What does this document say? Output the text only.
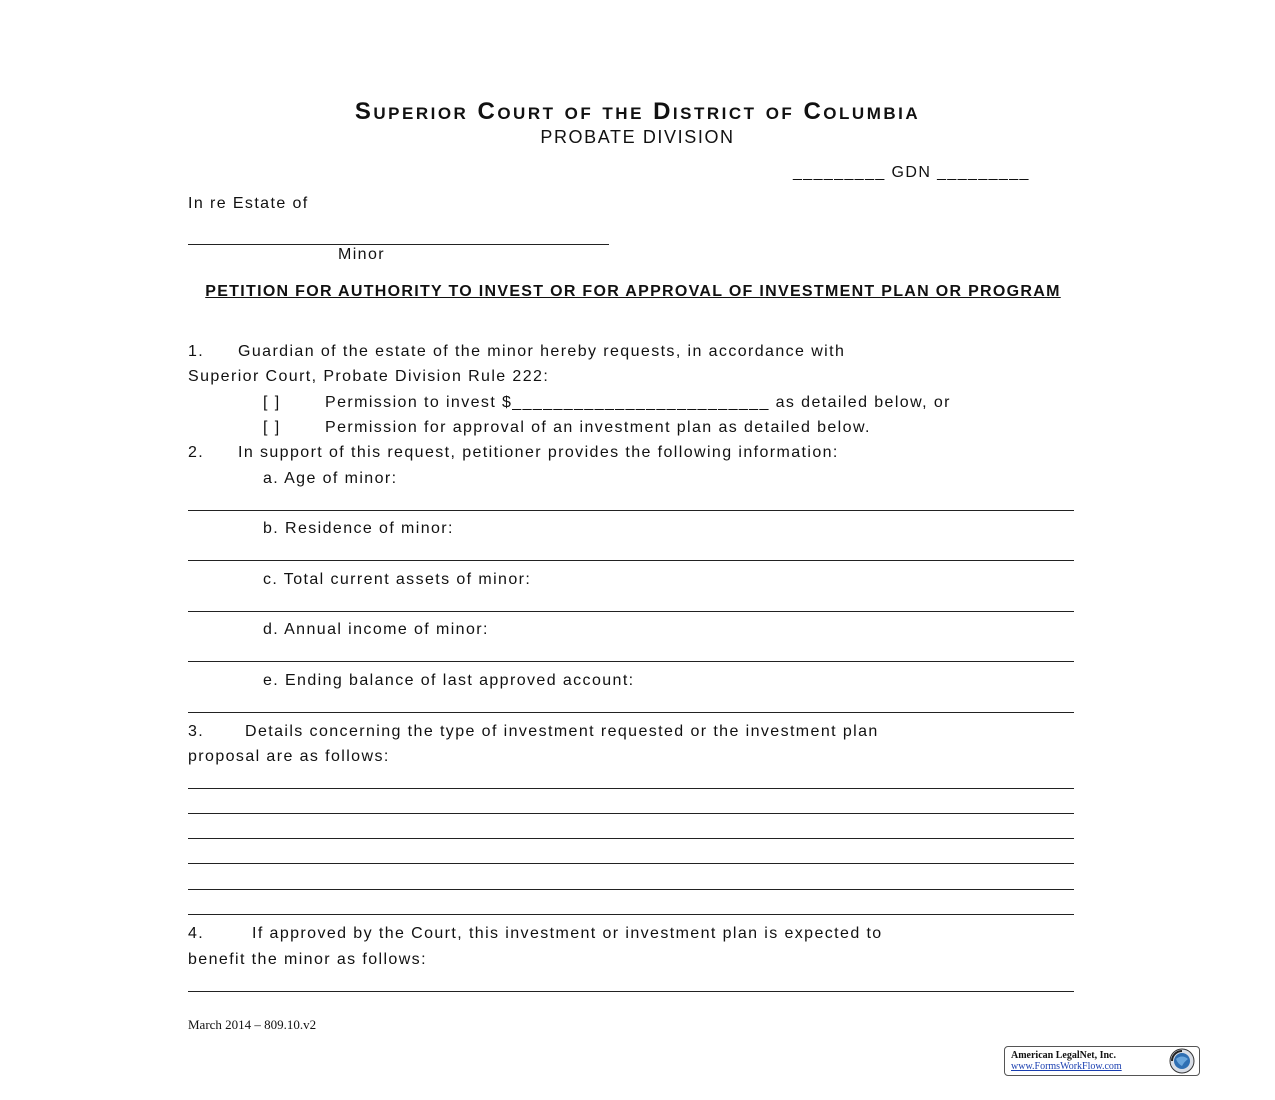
Superior Court of the District of Columbia
PROBATE DIVISION
_________ GDN _________
In re Estate of
Minor
PETITION FOR AUTHORITY TO INVEST OR FOR APPROVAL OF INVESTMENT PLAN OR PROGRAM
1. Guardian of the estate of the minor hereby requests, in accordance with
Superior Court, Probate Division Rule 222:
[ ]	Permission to invest $_________________________ as detailed below, or
[ ]	Permission for approval of an investment plan as detailed below.
2. In support of this request, petitioner provides the following information:
a. Age of minor:
b. Residence of minor:
c. Total current assets of minor:
d. Annual income of minor:
e. Ending balance of last approved account:
3.	Details concerning the type of investment requested or the investment plan
proposal are as follows:
4.	If approved by the Court, this investment or investment plan is expected to
benefit the minor as follows:
March 2014 – 809.10.v2
American LegalNet, Inc.
www.FormsWorkFlow.com
